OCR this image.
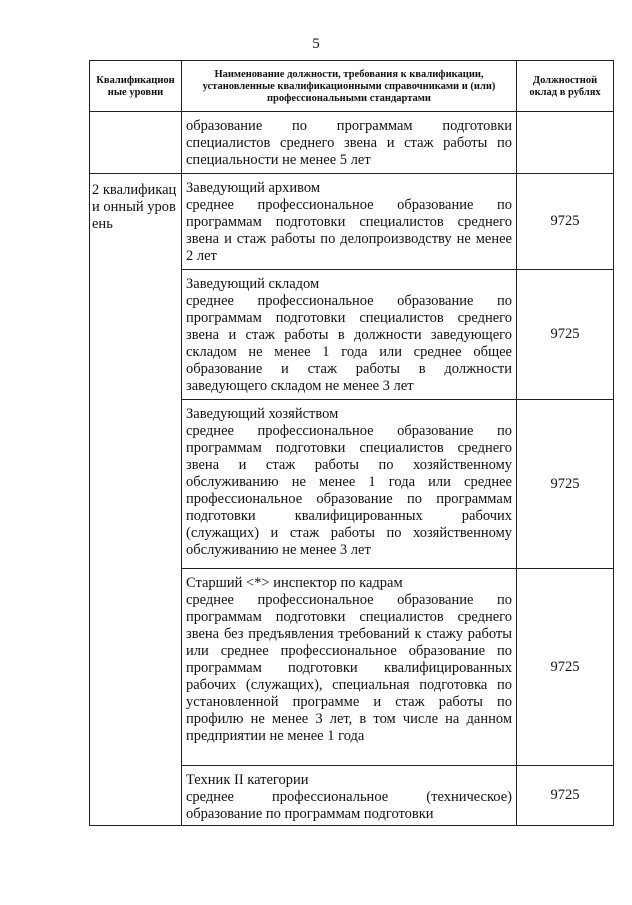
5
Квалификацион ные уровни	Наименование должности, требования к квалификации, установленные квалификационными справочниками и (или) профессиональными стандартами	Должностной оклад в рублях
	образование по программам подготовки специалистов среднего звена и стаж работы по специальности не менее 5 лет	
2 квалификаци онный уровень	Заведующий архивом
среднее профессиональное образование по программам подготовки специалистов среднего звена и стаж работы по делопроизводству не менее 2 лет	9725

	Заведующий складом
среднее профессиональное образование по программам подготовки специалистов среднего звена и стаж работы в должности заведующего складом не менее 1 года или среднее общее образование и стаж работы в должности заведующего складом не менее 3 лет	9725

	Заведующий хозяйством
среднее профессиональное образование по программам подготовки специалистов среднего звена и стаж работы по хозяйственному обслуживанию не менее 1 года или среднее профессиональное образование по программам подготовки квалифицированных рабочих (служащих) и стаж работы по хозяйственному обслуживанию не менее 3 лет	9725

	Старший <*> инспектор по кадрам
среднее профессиональное образование по программам подготовки специалистов среднего звена без предъявления требований к стажу работы или среднее профессиональное образование по программам подготовки квалифицированных рабочих (служащих), специальная подготовка по установленной программе и стаж работы по профилю не менее 3 лет, в том числе на данном предприятии не менее 1 года	9725

	Техник II категории
среднее профессиональное (техническое) образование по программам подготовки	9725
